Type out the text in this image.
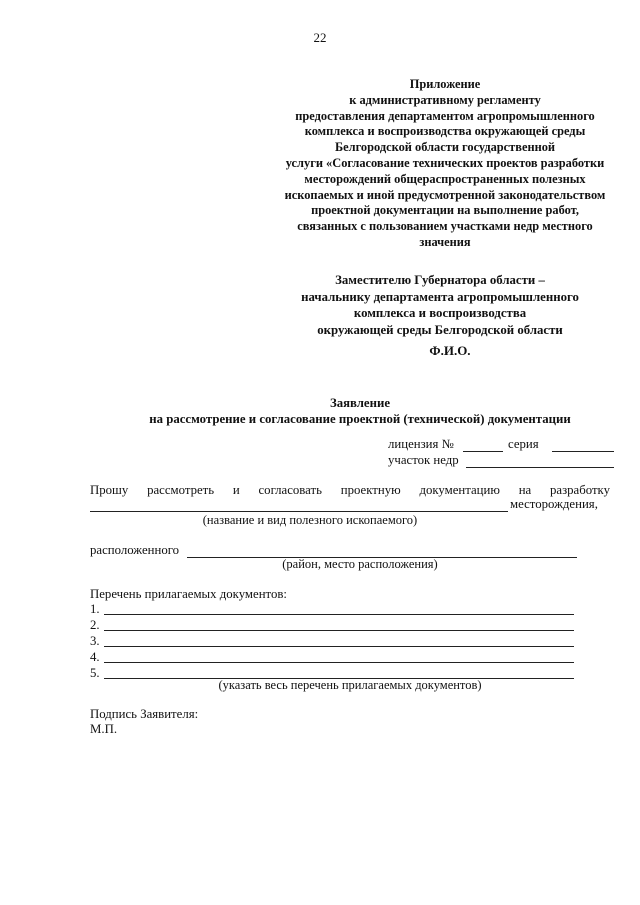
22
Приложение
к административному регламенту
предоставления департаментом агропромышленного
комплекса и воспроизводства окружающей среды
Белгородской области государственной
услуги «Согласование технических проектов разработки
месторождений общераспространенных полезных
ископаемых и иной предусмотренной законодательством
проектной документации на выполнение работ,
связанных с пользованием участками недр местного
значения
Заместителю Губернатора области –
начальнику департамента агропромышленного
комплекса и воспроизводства
окружающей среды Белгородской области
Ф.И.О.
Заявление
на рассмотрение и согласование проектной (технической) документации
лицензия №	серия
участок недр
Прошу рассмотреть и согласовать проектную документацию на разработку
месторождения,
(название и вид полезного ископаемого)
расположенного
(район, место расположения)
Перечень прилагаемых документов:
1.
2.
3.
4.
5.
(указать весь перечень прилагаемых документов)
Подпись Заявителя:
М.П.
